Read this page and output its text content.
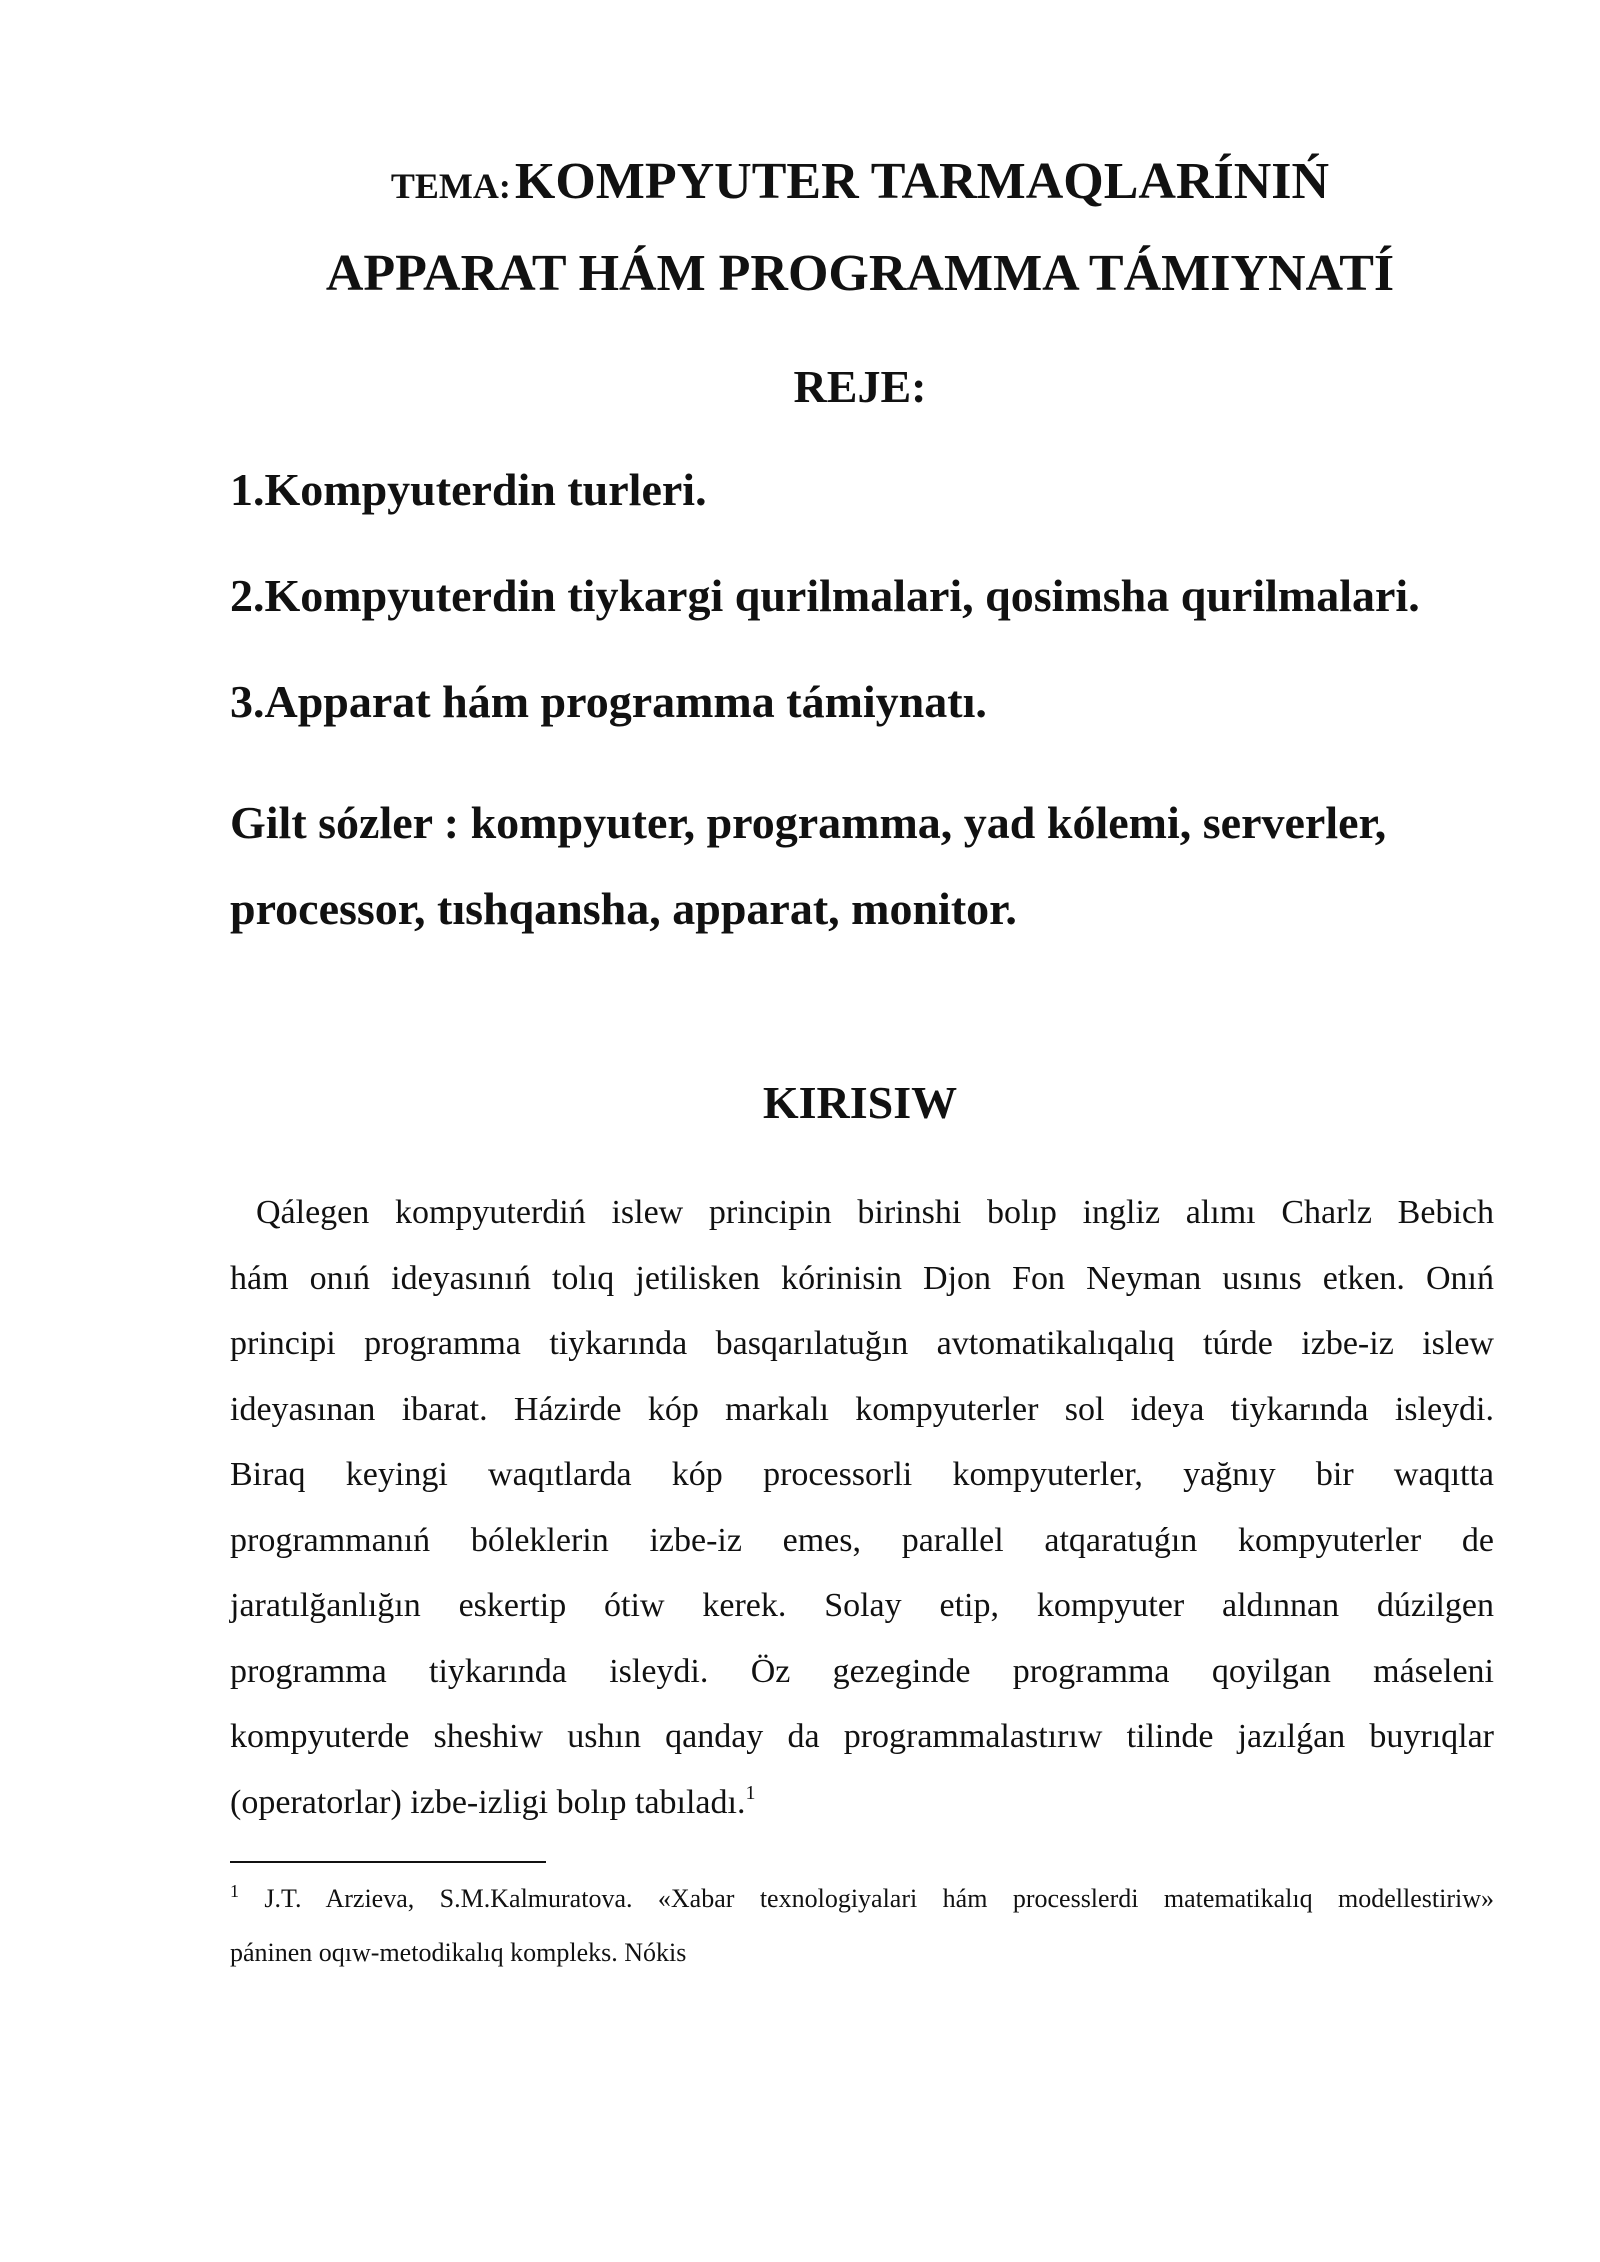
TEMA: KOMPYUTER TARMAQLARÍNIŃ
APPARAT HÁM PROGRAMMA TÁMIYNATÍ
REJE:
1.Kompyuterdin turleri.
2.Kompyuterdin tiykargi qurilmalari, qosimsha qurilmalari.
3.Apparat hám programma támiynatı.
Gilt sózler : kompyuter, programma, yad kólemi, serverler,
processor, tıshqansha, apparat, monitor.
KIRISIW
Qálegen kompyuterdiń islew principin birinshi bolıp ingliz alımı Charlz Bebich
hám onıń ideyasınıń tolıq jetilisken kórinisin Djon Fon Neyman usınıs etken. Onıń
principi programma tiykarında basqarılatuğın avtomatikalıqalıq túrde izbe-iz islew
ideyasınan ibarat. Házirde kóp markalı kompyuterler sol ideya tiykarında isleydi.
Biraq keyingi waqıtlarda kóp processorli kompyuterler, yağnıy bir waqıtta
programmanıń bóleklerin izbe-iz emes, parallel atqaratuǵın kompyuterler de
jaratılğanlığın eskertip ótiw kerek. Solay etip, kompyuter aldınnan dúzilgen
programma tiykarında isleydi. Öz gezeginde programma qoyilgan máseleni
kompyuterde sheshiw ushın qanday da programmalastırıw tilinde jazılǵan buyrıqlar
(operatorlar) izbe-izligi bolıp tabıladı.$^1$
$^1$ J.T. Arzieva, S.M.Kalmuratova. «Xabar texnologiyalari hám processlerdi matematikalıq modellestiriw»
páninen oqıw-metodikalıq kompleks. Nókis
